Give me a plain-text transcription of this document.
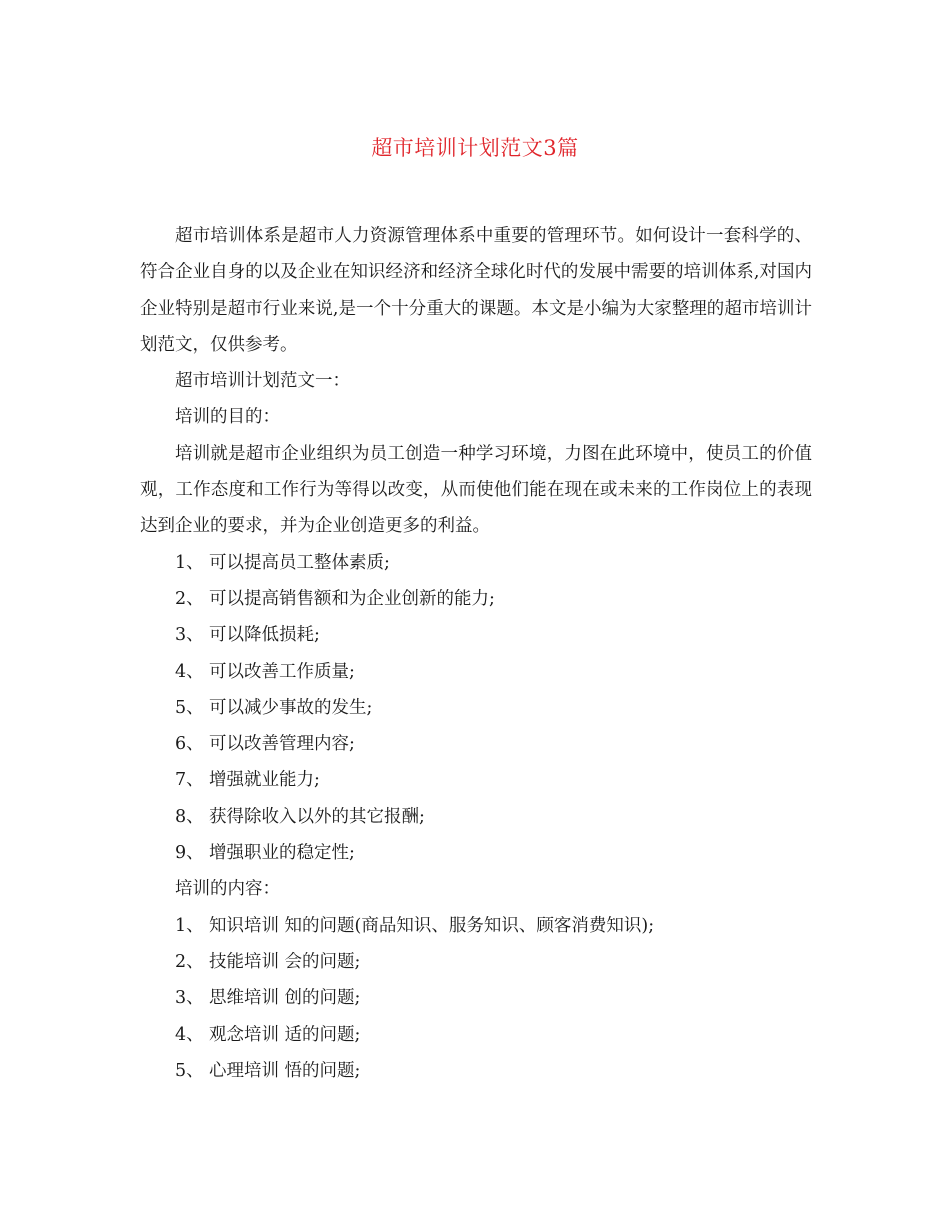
超市培训计划范文3篇

超市培训体系是超市人力资源管理体系中重要的管理环节。如何设计一套科学的、符合企业自身的以及企业在知识经济和经济全球化时代的发展中需要的培训体系,对国内企业特别是超市行业来说,是一个十分重大的课题。本文是小编为大家整理的超市培训计划范文，仅供参考。

超市培训计划范文一：

培训的目的：

培训就是超市企业组织为员工创造一种学习环境，力图在此环境中，使员工的价值观，工作态度和工作行为等得以改变，从而使他们能在现在或未来的工作岗位上的表现达到企业的要求，并为企业创造更多的利益。

1、 可以提高员工整体素质;

2、 可以提高销售额和为企业创新的能力;

3、 可以降低损耗;

4、 可以改善工作质量;

5、 可以减少事故的发生;

6、 可以改善管理内容;

7、 增强就业能力;

8、 获得除收入以外的其它报酬;

9、 增强职业的稳定性;

培训的内容：

1、 知识培训 知的问题(商品知识、服务知识、顾客消费知识);

2、 技能培训 会的问题;

3、 思维培训 创的问题;

4、 观念培训 适的问题;

5、 心理培训 悟的问题;
